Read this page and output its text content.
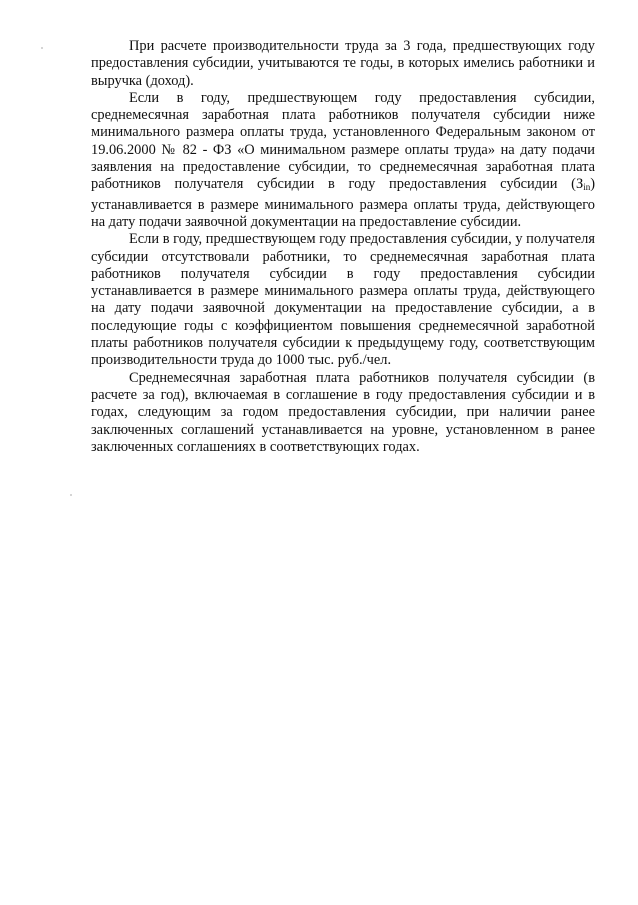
При расчете производительности труда за 3 года, предшествующих году предоставления субсидии, учитываются те годы, в которых имелись работники и выручка (доход).

Если в году, предшествующем году предоставления субсидии, среднемесячная заработная плата работников получателя субсидии ниже минимального размера оплаты труда, установленного Федеральным законом от 19.06.2000 № 82 - ФЗ «О минимальном размере оплаты труда» на дату подачи заявления на предоставление субсидии, то среднемесячная заработная плата работников получателя субсидии в году предоставления субсидии $(З_{in})$ устанавливается в размере минимального размера оплаты труда, действующего на дату подачи заявочной документации на предоставление субсидии.

Если в году, предшествующем году предоставления субсидии, у получателя субсидии отсутствовали работники, то среднемесячная заработная плата работников получателя субсидии в году предоставления субсидии устанавливается в размере минимального размера оплаты труда, действующего на дату подачи заявочной документации на предоставление субсидии, а в последующие годы с коэффициентом повышения среднемесячной заработной платы работников получателя субсидии к предыдущему году, соответствующим производительности труда до 1000 тыс. руб./чел.

Среднемесячная заработная плата работников получателя субсидии (в расчете за год), включаемая в соглашение в году предоставления субсидии и в годах, следующим за годом предоставления субсидии, при наличии ранее заключенных соглашений устанавливается на уровне, установленном в ранее заключенных соглашениях в соответствующих годах.
